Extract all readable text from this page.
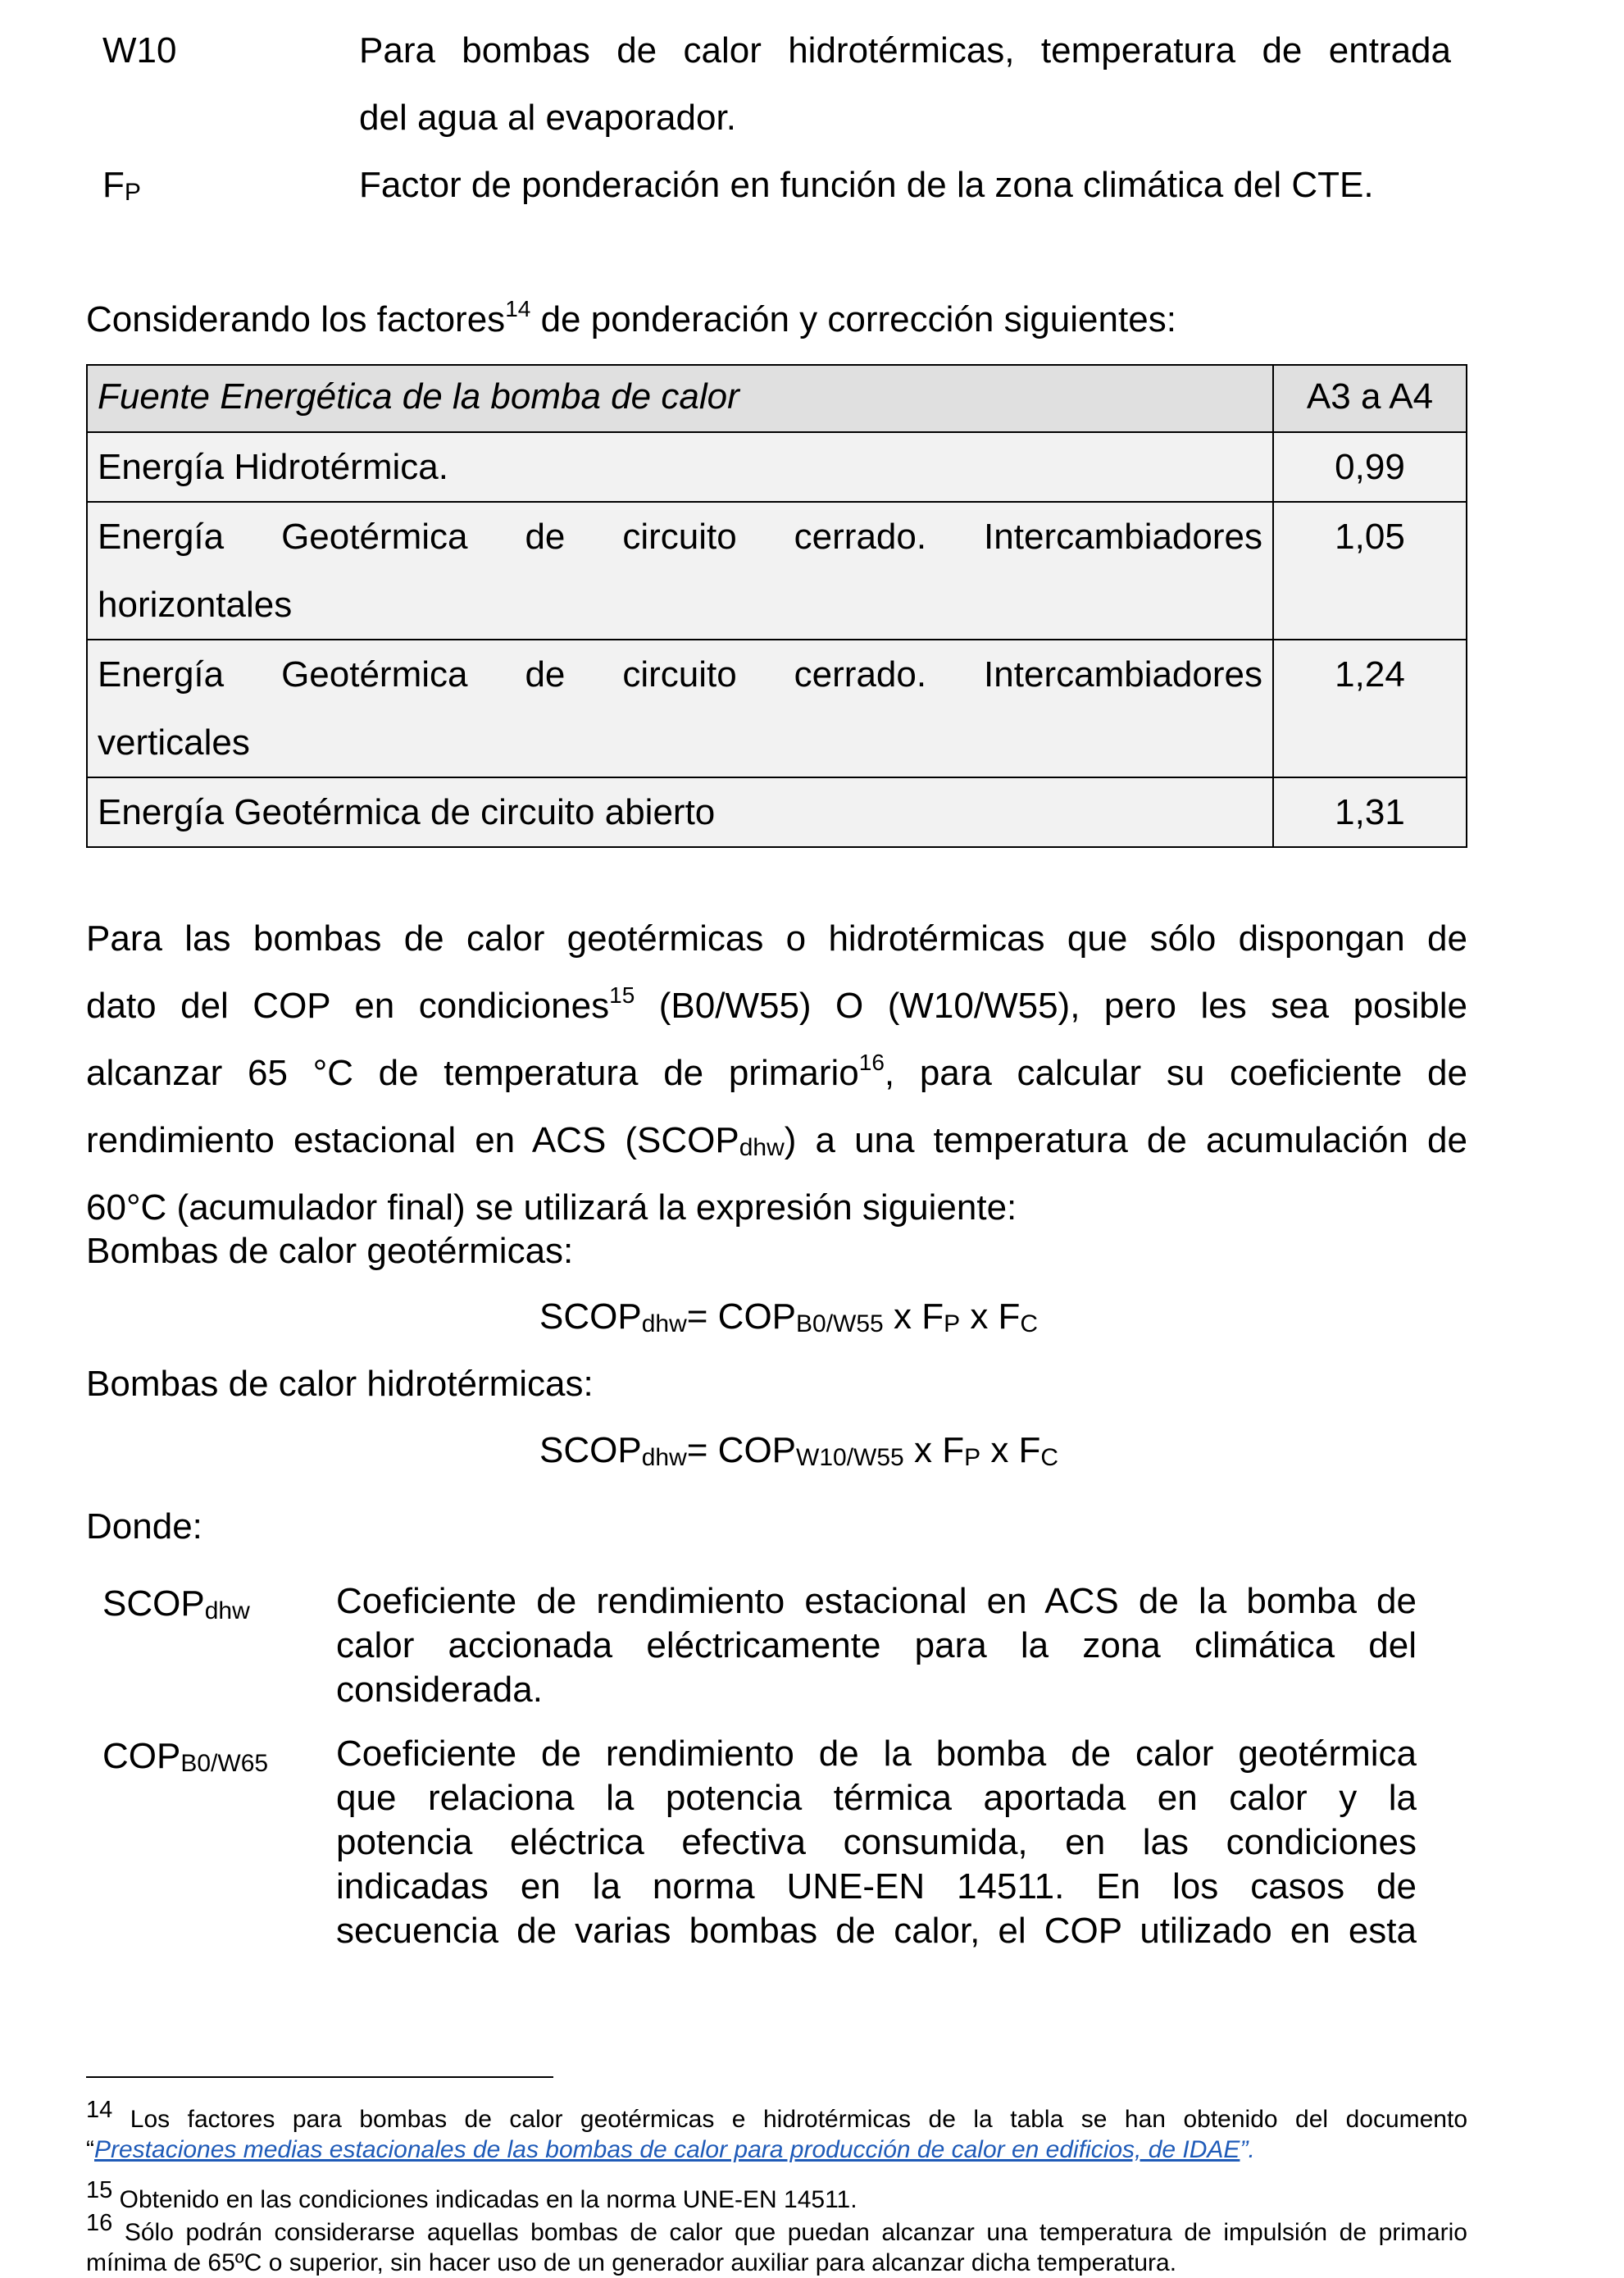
W10	Para bombas de calor hidrotérmicas, temperatura de entrada
del agua al evaporador.
$F_P$	Factor de ponderación en función de la zona climática del CTE.
Considerando los factores$^{14}$ de ponderación y corrección siguientes:
Fuente Energética de la bomba de calor	A3 a A4
Energía Hidrotérmica.	0,99

Energía Geotérmica de circuito cerrado. Intercambiadores
horizontales	1,05

Energía Geotérmica de circuito cerrado. Intercambiadores
verticales	1,24
Energía Geotérmica de circuito abierto	1,31
Para las bombas de calor geotérmicas o hidrotérmicas que sólo dispongan de
dato del COP en condiciones$^{15}$ (B0/W55) O (W10/W55), pero les sea posible
alcanzar 65 °C de temperatura de primario$^{16}$, para calcular su coeficiente de
rendimiento estacional en ACS $(SCOP_{dhw})$ a una temperatura de acumulación de
60°C (acumulador final) se utilizará la expresión siguiente:
Bombas de calor geotérmicas:
$SCOP_{dhw}= COP_{B0/W55}$ x $F_P$ x $F_C$
Bombas de calor hidrotérmicas:
$SCOP_{dhw}= COP_{W10/W55}$ x $F_P$ x $F_C$
Donde:
$SCOP_{dhw}$ Coeficiente de rendimiento estacional en ACS de la bomba de
calor accionada eléctricamente para la zona climática del
considerada.
$COP_{B0/W65}$ Coeficiente de rendimiento de la bomba de calor geotérmica
que relaciona la potencia térmica aportada en calor y la
potencia eléctrica efectiva consumida, en las condiciones
indicadas en la norma UNE-EN 14511. En los casos de
secuencia de varias bombas de calor, el COP utilizado en esta
14 Los factores para bombas de calor geotérmicas e hidrotérmicas de la tabla se han obtenido del documento
“Prestaciones medias estacionales de las bombas de calor para producción de calor en edificios, de IDAE”.
15 Obtenido en las condiciones indicadas en la norma UNE-EN 14511.
16 Sólo podrán considerarse aquellas bombas de calor que puedan alcanzar una temperatura de impulsión de primario
mínima de 65ºC o superior, sin hacer uso de un generador auxiliar para alcanzar dicha temperatura.
